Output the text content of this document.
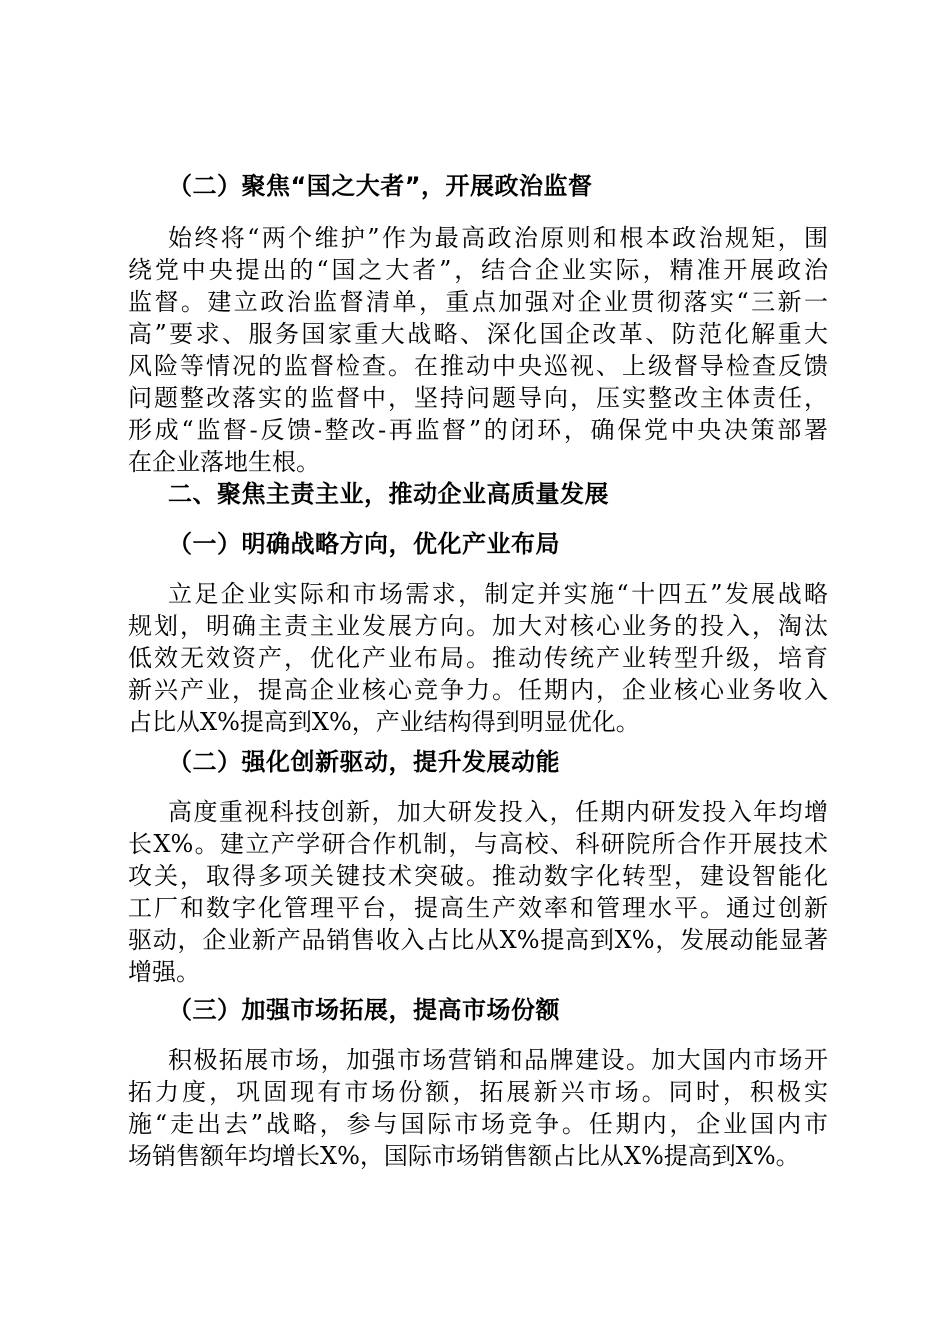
（二）聚焦“国之大者”，开展政治监督
始终将“两个维护”作为最高政治原则和根本政治规矩，围
绕党中央提出的“国之大者”，结合企业实际，精准开展政治
监督。建立政治监督清单，重点加强对企业贯彻落实“三新一
高”要求、服务国家重大战略、深化国企改革、防范化解重大
风险等情况的监督检查。在推动中央巡视、上级督导检查反馈
问题整改落实的监督中，坚持问题导向，压实整改主体责任，
形成“监督-反馈-整改-再监督”的闭环，确保党中央决策部署
在企业落地生根。
二、聚焦主责主业，推动企业高质量发展
（一）明确战略方向，优化产业布局
立足企业实际和市场需求，制定并实施“十四五”发展战略
规划，明确主责主业发展方向。加大对核心业务的投入，淘汰
低效无效资产，优化产业布局。推动传统产业转型升级，培育
新兴产业，提高企业核心竞争力。任期内，企业核心业务收入
占比从X%提高到X%，产业结构得到明显优化。
（二）强化创新驱动，提升发展动能
高度重视科技创新，加大研发投入，任期内研发投入年均增
长X%。建立产学研合作机制，与高校、科研院所合作开展技术
攻关，取得多项关键技术突破。推动数字化转型，建设智能化
工厂和数字化管理平台，提高生产效率和管理水平。通过创新
驱动，企业新产品销售收入占比从X%提高到X%，发展动能显著
增强。
（三）加强市场拓展，提高市场份额
积极拓展市场，加强市场营销和品牌建设。加大国内市场开
拓力度，巩固现有市场份额，拓展新兴市场。同时，积极实
施“走出去”战略，参与国际市场竞争。任期内，企业国内市
场销售额年均增长X%，国际市场销售额占比从X%提高到X%。
